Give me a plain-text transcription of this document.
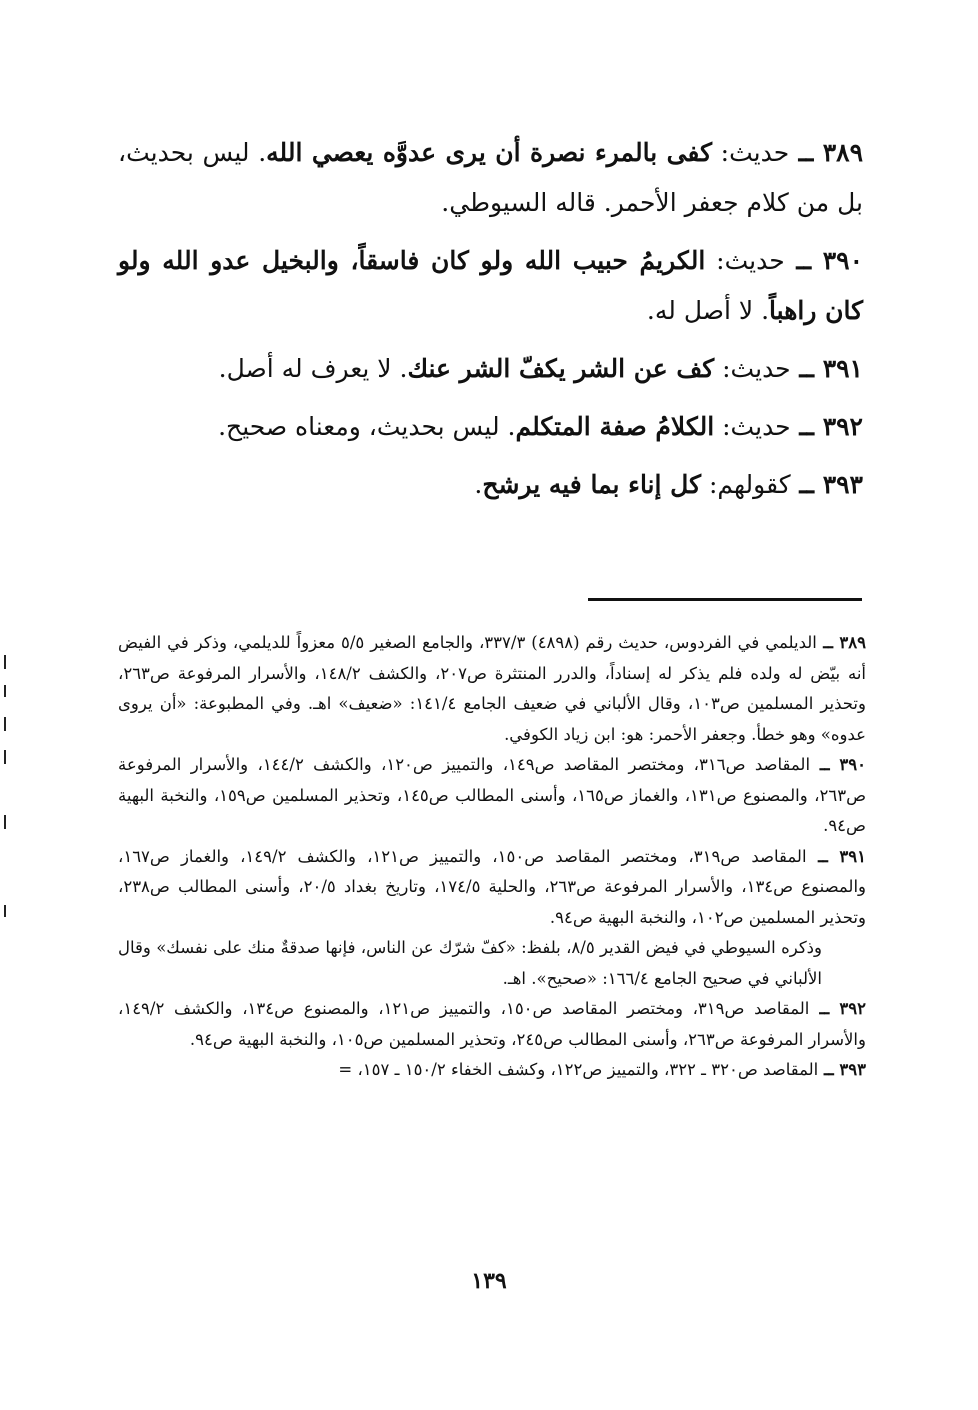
٣٨٩ ــ حديث: كفى بالمرء نصرة أن يرى عدوَّه يعصي الله. ليس بحديث، بل من كلام جعفر الأحمر. قاله السيوطي.

٣٩٠ ــ حديث: الكريمُ حبيب الله ولو كان فاسقاً، والبخيل عدو الله ولو كان راهباً. لا أصل له.

٣٩١ ــ حديث: كف عن الشر يكفّ الشر عنك. لا يعرف له أصل.

٣٩٢ ــ حديث: الكلامُ صفة المتكلم. ليس بحديث، ومعناه صحيح.

٣٩٣ ــ كقولهم: كل إناء بما فيه يرشح.

٣٨٩ ــ الديلمي في الفردوس، حديث رقم (٤٨٩٨) ٣٣٧/٣، والجامع الصغير ٥/٥ معزواً للديلمي، وذكر في الفيض أنه بيّض له ولده فلم يذكر له إسناداً، والدرر المنتثرة ص٢٠٧، والكشف ١٤٨/٢، والأسرار المرفوعة ص٢٦٣، وتحذير المسلمين ص١٠٣، وقال الألباني في ضعيف الجامع ١٤١/٤: «ضعيف» اهـ. وفي المطبوعة: «أن يروى عدوه» وهو خطأ. وجعفر الأحمر: هو: ابن زياد الكوفي.

٣٩٠ ــ المقاصد ص٣١٦، ومختصر المقاصد ص١٤٩، والتمييز ص١٢٠، والكشف ١٤٤/٢، والأسرار المرفوعة ص٢٦٣، والمصنوع ص١٣١، والغماز ص١٦٥، وأسنى المطالب ص١٤٥، وتحذير المسلمين ص١٥٩، والنخبة البهية ص٩٤.

٣٩١ ــ المقاصد ص٣١٩، ومختصر المقاصد ص١٥٠، والتمييز ص١٢١، والكشف ١٤٩/٢، والغماز ص١٦٧، والمصنوع ص١٣٤، والأسرار المرفوعة ص٢٦٣، والحلية ١٧٤/٥، وتاريخ بغداد ٢٠/٥، وأسنى المطالب ص٢٣٨، وتحذير المسلمين ص١٠٢، والنخبة البهية ص٩٤.

وذكره السيوطي في فيض القدير ٨/٥، بلفظ: «كفّ شرّك عن الناس، فإنها صدقةٌ منك على نفسك» وقال الألباني في صحيح الجامع ١٦٦/٤: «صحيح». اهـ.

٣٩٢ ــ المقاصد ص٣١٩، ومختصر المقاصد ص١٥٠، والتمييز ص١٢١، والمصنوع ص١٣٤، والكشف ١٤٩/٢، والأسرار المرفوعة ص٢٦٣، وأسنى المطالب ص٢٤٥، وتحذير المسلمين ص١٠٥، والنخبة البهية ص٩٤.

٣٩٣ ــ المقاصد ص٣٢٠ ـ ٣٢٢، والتمييز ص١٢٢، وكشف الخفاء ١٥٠/٢ ـ ١٥٧، =

١٣٩
